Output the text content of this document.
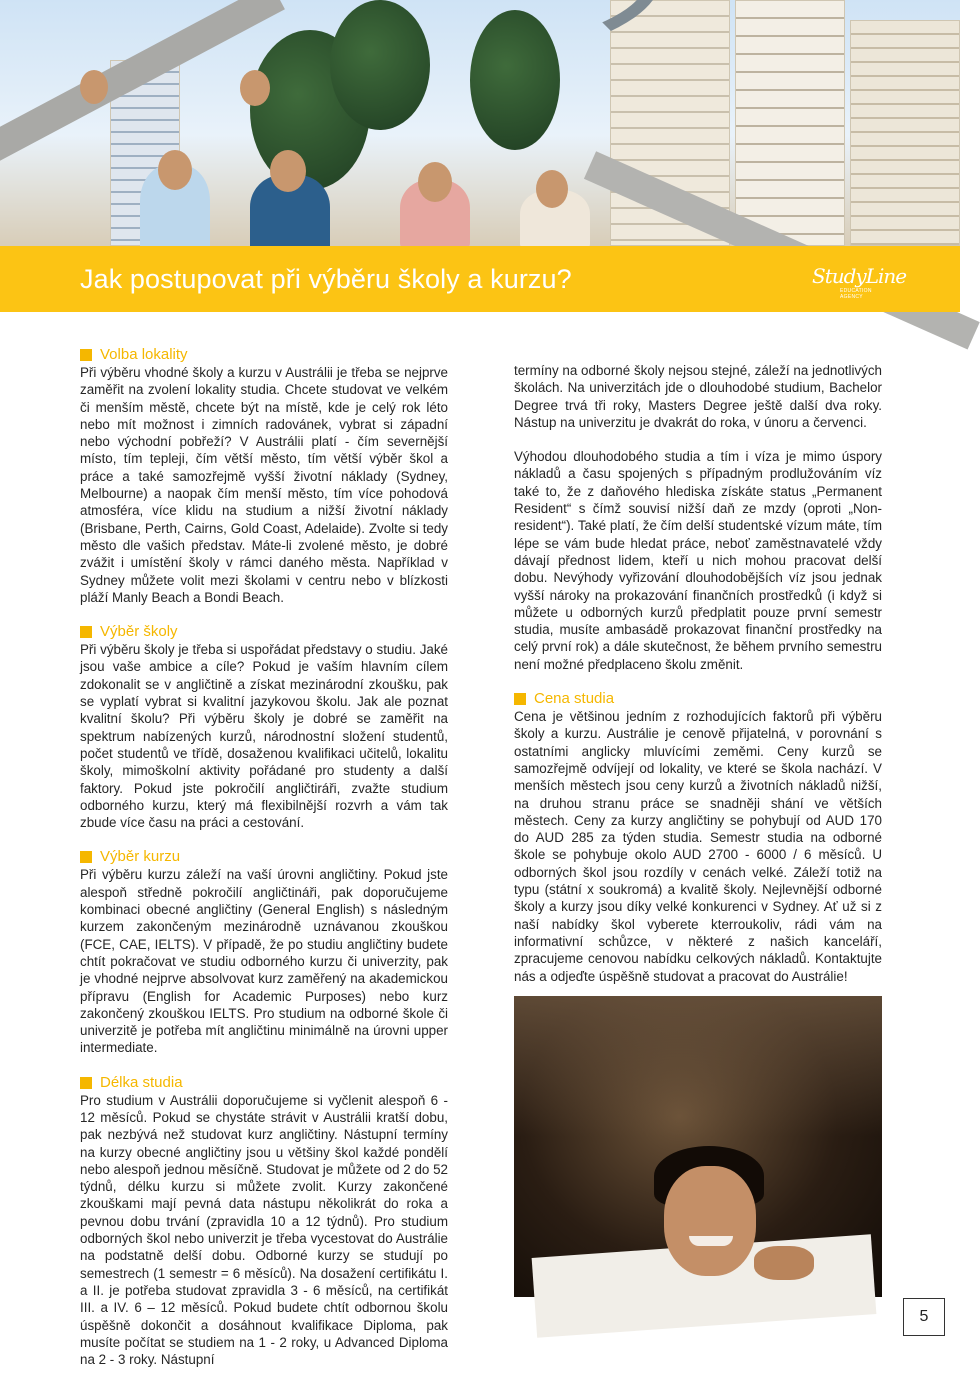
Jak postupovat při výběru školy a kurzu?	StudyLine
EDUCATION AGENCY
Volba lokality

Při výběru vhodné školy a kurzu v Austrálii je třeba se nejprve zaměřit na zvolení lokality studia. Chcete studovat ve velkém či menším městě, chcete být na místě, kde je celý rok léto nebo mít možnost i zimních radovánek, vybrat si západní nebo východní pobřeží? V Austrálii platí - čím severnější místo, tím tepleji, čím větší město, tím větší výběr škol a práce a také samozřejmě vyšší životní náklady (Sydney, Melbourne) a naopak čím menší město, tím více pohodová atmosféra, více klidu na studium a nižší životní náklady (Brisbane, Perth, Cairns, Gold Coast, Adelaide). Zvolte si tedy město dle vašich představ. Máte-li zvolené město, je dobré zvážit i umístění školy v rámci daného města. Například v Sydney můžete volit mezi školami v centru nebo v blízkosti pláží Manly Beach a Bondi Beach.

Výběr školy

Při výběru školy je třeba si uspořádat představy o studiu. Jaké jsou vaše ambice a cíle? Pokud je vaším hlavním cílem zdokonalit se v angličtině a získat mezinárodní zkoušku, pak se vyplatí vybrat si kvalitní jazykovou školu. Jak ale poznat kvalitní školu? Při výběru školy je dobré se zaměřit na spektrum nabízených kurzů, národnostní složení studentů, počet studentů ve třídě, dosaženou kvalifikaci učitelů, lokalitu školy, mimoškolní aktivity pořádané pro studenty a další faktory. Pokud jste pokročilí angličtiráři, zvažte studium odborného kurzu, který má flexibilnější rozvrh a vám tak zbude více času na práci a cestování.

Výběr kurzu

Při výběru kurzu záleží na vaší úrovni angličtiny. Pokud jste alespoň středně pokročilí angličtináři, pak doporučujeme kombinaci obecné angličtiny (General English) s následným kurzem zakončeným mezinárodně uznávanou zkouškou (FCE, CAE, IELTS). V případě, že po studiu angličtiny budete chtít pokračovat ve studiu odborného kurzu či univerzity, pak je vhodné nejprve absolvovat kurz zaměřený na akademickou přípravu (English for Academic Purposes) nebo kurz zakončený zkouškou IELTS. Pro studium na odborné škole či univerzitě je potřeba mít angličtinu minimálně na úrovni upper intermediate.

Délka studia

Pro studium v Austrálii doporučujeme si vyčlenit alespoň 6 - 12 měsíců. Pokud se chystáte strávit v Austrálii kratší dobu, pak nezbývá než studovat kurz angličtiny. Nástupní termíny na kurzy obecné angličtiny jsou u většiny škol každé pondělí nebo alespoň jednou měsíčně. Studovat je můžete od 2 do 52 týdnů, délku kurzu si můžete zvolit. Kurzy zakončené zkouškami mají pevná data nástupu několikrát do roka a pevnou dobu trvání (zpravidla 10 a 12 týdnů). Pro studium odborných škol nebo univerzit je třeba vycestovat do Austrálie na podstatně delší dobu. Odborné kurzy se studují po semestrech (1 semestr = 6 měsíců). Na dosažení certifikátu I. a II. je potřeba studovat zpravidla 3 - 6 měsíců, na certifikát III. a IV. 6 – 12 měsíců. Pokud budete chtít odbornou školu úspěšně dokončit a dosáhnout kvalifikace Diploma, pak musíte počítat se studiem na 1 - 2 roky, u Advanced Diploma na 2 - 3 roky. Nástupní

termíny na odborné školy nejsou stejné, záleží na jednotlivých školách. Na univerzitách jde o dlouhodobé studium, Bachelor Degree trvá tři roky, Masters Degree ještě další dva roky. Nástup na univerzitu je dvakrát do roka, v únoru a červenci.

Výhodou dlouhodobého studia a tím i víza je mimo úspory nákladů a času spojených s případným prodlužováním víz také to, že z daňového hlediska získáte status „Permanent Resident“ s čímž souvisí nižší daň ze mzdy (oproti „Non-resident“). Také platí, že čím delší studentské vízum máte, tím lépe se vám bude hledat práce, neboť zaměstnavatelé vždy dávají přednost lidem, kteří u nich mohou pracovat delší dobu. Nevýhody vyřizování dlouhodobějších víz jsou jednak vyšší nároky na prokazování finančních prostředků (i když si můžete u odborných kurzů předplatit pouze první semestr studia, musíte ambasádě prokazovat finanční prostředky na celý první rok) a dále skutečnost, že během prvního semestru není možné předplaceno školu změnit.

Cena studia

Cena je většinou jedním z rozhodujících faktorů při výběru školy a kurzu. Austrálie je cenově přijatelná, v porovnání s ostatními anglicky mluvícími zeměmi. Ceny kurzů se samozřejmě odvíjejí od lokality, ve které se škola nachází. V menších městech jsou ceny kurzů a životních nákladů nižší, na druhou stranu práce se snadněji shání ve větších městech. Ceny za kurzy angličtiny se pohybují od AUD 170 do AUD 285 za týden studia. Semestr studia na odborné škole se pohybuje okolo AUD 2700 - 6000 / 6 měsíců. U odborných škol jsou rozdíly v cenách velké. Záleží totiž na typu (státní x soukromá) a kvalitě školy. Nejlevnější odborné školy a kurzy jsou díky velké konkurenci v Sydney. Ať už si z naší nabídky škol vyberete kterroukoliv, rádi vám na informativní schůzce, v některé z našich kanceláří, zpracujeme cenovou nabídku celkových nákladů. Kontaktujte nás a odjeďte úspěšně studovat a pracovat do Austrálie!

5
